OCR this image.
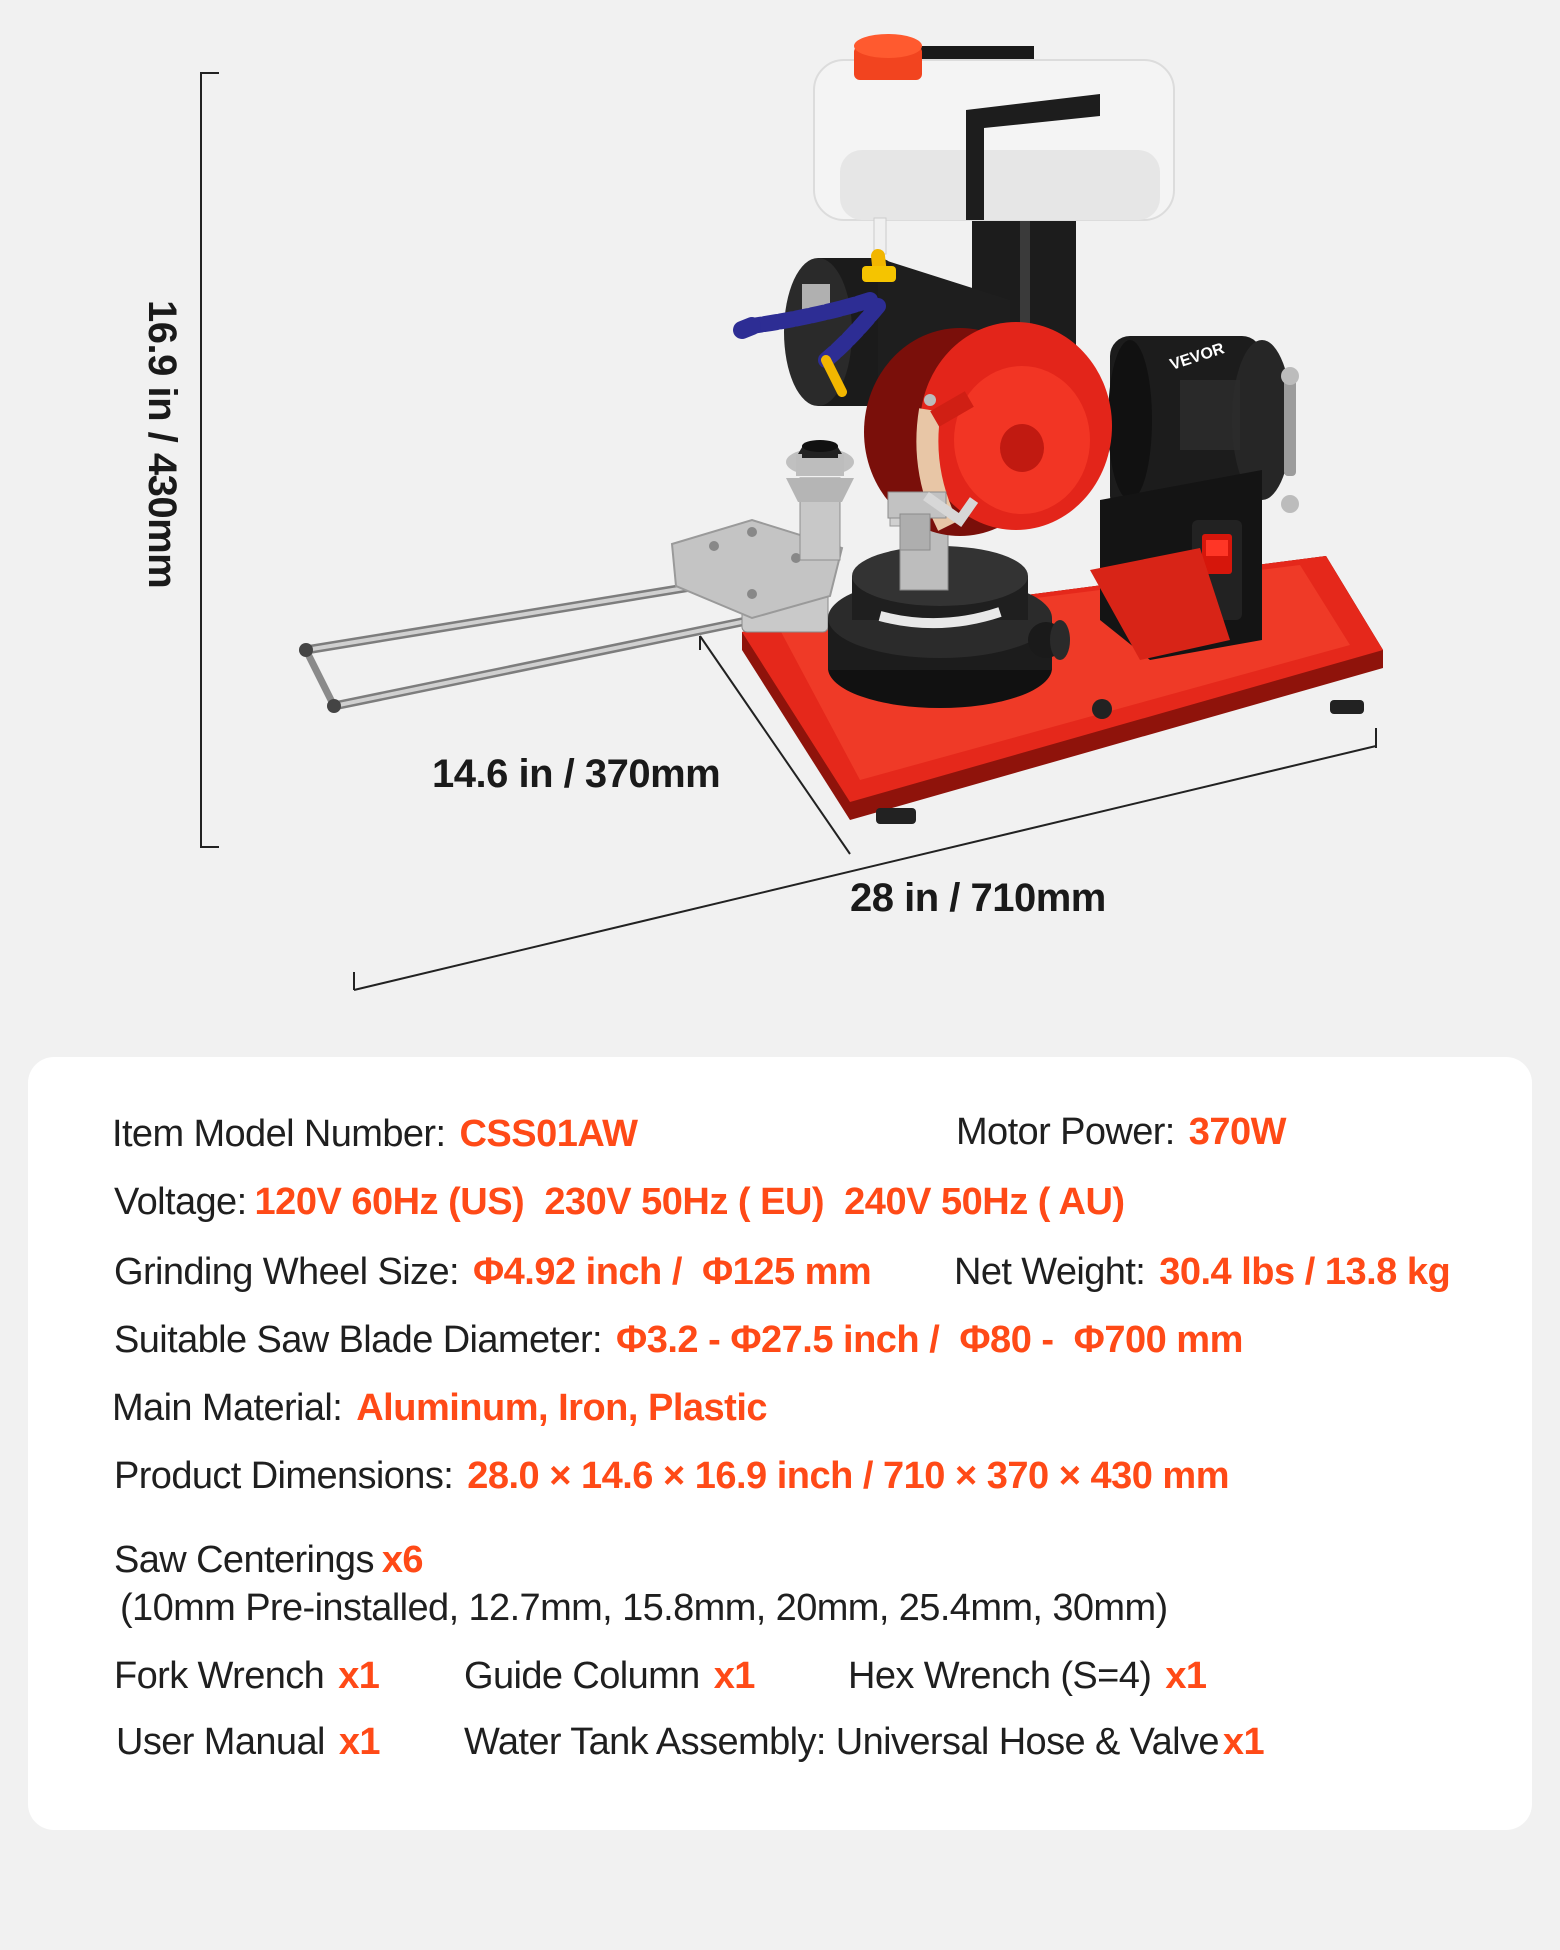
VEVOR
16.9 in / 430mm
14.6 in / 370mm
28 in / 710mm
Item Model Number: CSS01AW	Motor Power: 370W
Voltage: 120V 60Hz (US)  230V 50Hz ( EU)  240V 50Hz ( AU)
Grinding Wheel Size: Φ4.92 inch /  Φ125 mm Net Weight: 30.4 lbs / 13.8 kg
Suitable Saw Blade Diameter: Φ3.2 - Φ27.5 inch /  Φ80 -  Φ700 mm
Main Material: Aluminum, Iron, Plastic
Product Dimensions: 28.0 × 14.6 × 16.9 inch / 710 × 370 × 430 mm
Saw Centerings x6
(10mm Pre-installed, 12.7mm, 15.8mm, 20mm, 25.4mm, 30mm)
Fork Wrench x1 Guide Column x1 Hex Wrench (S=4) x1
User Manual x1 Water Tank Assembly: Universal Hose & Valve x1
